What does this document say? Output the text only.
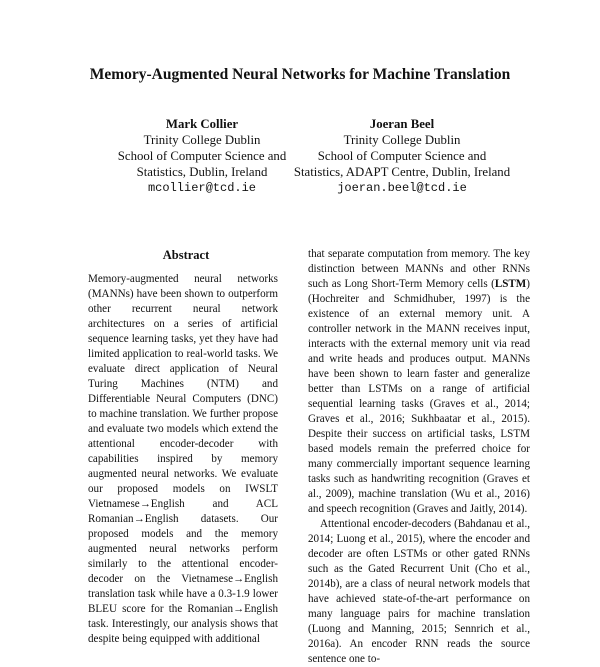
Memory-Augmented Neural Networks for Machine Translation
Mark Collier
Trinity College Dublin
School of Computer Science and
Statistics, Dublin, Ireland
mcollier@tcd.ie
Joeran Beel
Trinity College Dublin
School of Computer Science and
Statistics, ADAPT Centre, Dublin, Ireland
joeran.beel@tcd.ie
Abstract

Memory-augmented neural networks (MANNs) have been shown to outperform other recurrent neural network architectures on a series of artificial sequence learning tasks, yet they have had limited application to real-world tasks. We evaluate direct application of Neural Turing Machines (NTM) and Differentiable Neural Computers (DNC) to machine translation. We further propose and evaluate two models which extend the attentional encoder-decoder with capabilities inspired by memory augmented neural networks. We evaluate our proposed models on IWSLT Vietnamese→English and ACL Romanian→English datasets. Our proposed models and the memory augmented neural networks perform similarly to the attentional encoder-decoder on the Vietnamese→English translation task while have a 0.3-1.9 lower BLEU score for the Romanian→English task. Interestingly, our analysis shows that despite being equipped with additional

that separate computation from memory. The key distinction between MANNs and other RNNs such as Long Short-Term Memory cells (LSTM) (Hochreiter and Schmidhuber, 1997) is the existence of an external memory unit. A controller network in the MANN receives input, interacts with the external memory unit via read and write heads and produces output. MANNs have been shown to learn faster and generalize better than LSTMs on a range of artificial sequential learning tasks (Graves et al., 2014; Graves et al., 2016; Sukhbaatar et al., 2015). Despite their success on artificial tasks, LSTM based models remain the preferred choice for many commercially important sequence learning tasks such as handwriting recognition (Graves et al., 2009), machine translation (Wu et al., 2016) and speech recognition (Graves and Jaitly, 2014).

Attentional encoder-decoders (Bahdanau et al., 2014; Luong et al., 2015), where the encoder and decoder are often LSTMs or other gated RNNs such as the Gated Recurrent Unit (Cho et al., 2014b), are a class of neural network models that have achieved state-of-the-art performance on many language pairs for machine translation (Luong and Manning, 2015; Sennrich et al., 2016a). An encoder RNN reads the source sentence one to-
